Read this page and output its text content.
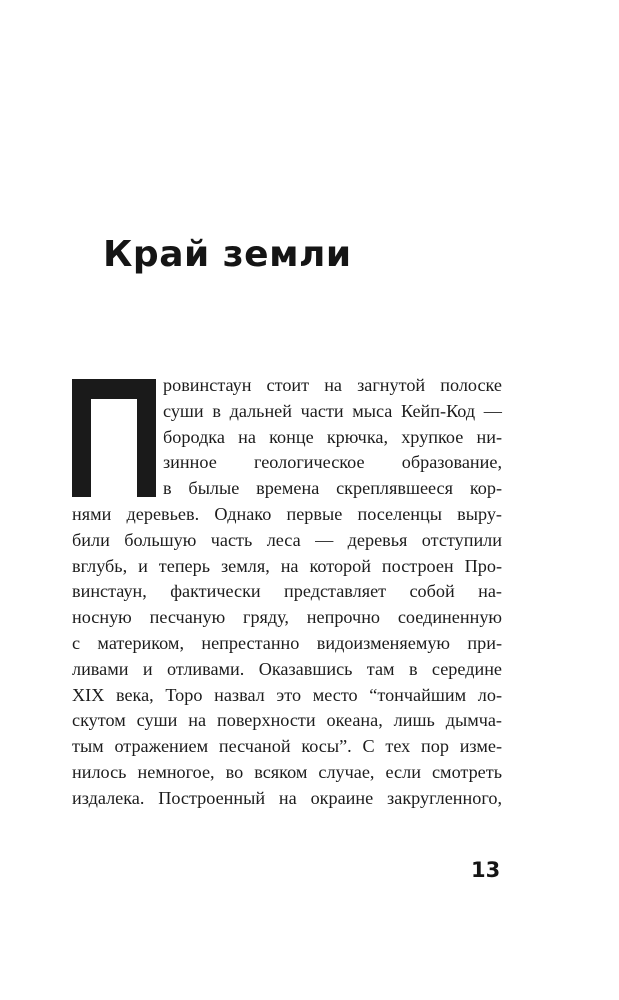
Край земли
ровинстаун стоит на загнутой полоске
суши в дальней части мыса Кейп-Код —
бородка на конце крючка, хрупкое ни-
зинное геологическое образование,
в былые времена скреплявшееся кор-
нями деревьев. Однако первые поселенцы выру-
били большую часть леса — деревья отступили
вглубь, и теперь земля, на которой построен Про-
винстаун, фактически представляет собой на-
носную песчаную гряду, непрочно соединенную
с материком, непрестанно видоизменяемую при-
ливами и отливами. Оказавшись там в середине
XIX века, Торо назвал это место “тончайшим ло-
скутом суши на поверхности океана, лишь дымча-
тым отражением песчаной косы”. С тех пор изме-
нилось немногое, во всяком случае, если смотреть
издалека. Построенный на окраине закругленного,
13
